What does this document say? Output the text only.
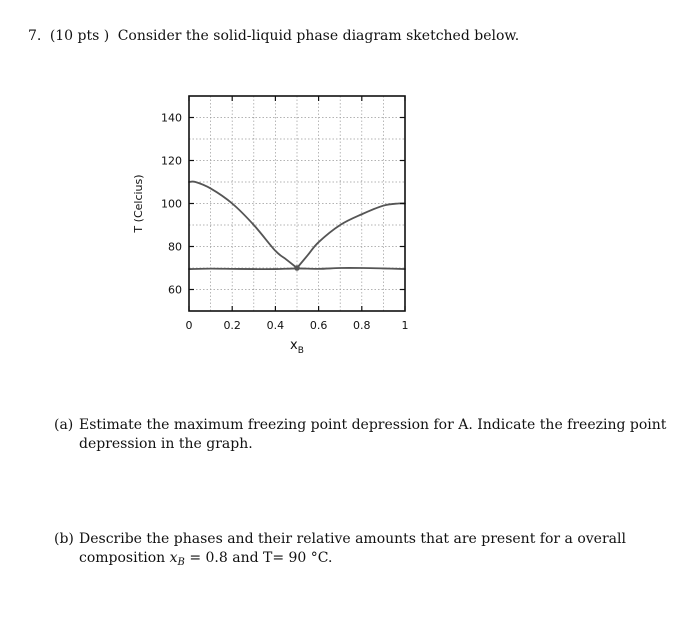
7. (10 pts ) Consider the solid-liquid phase diagram sketched below.
60
80
100
120
140
0	0.2 0.4 0.6 0.8	1
T (Celcius)
$x_B$
(a) Estimate the maximum freezing point depression for A. Indicate the freezing point depression in the graph.
(b) Describe the phases and their relative amounts that are present for a overall composition $x_B = 0.8$ and T= 90 °C.
